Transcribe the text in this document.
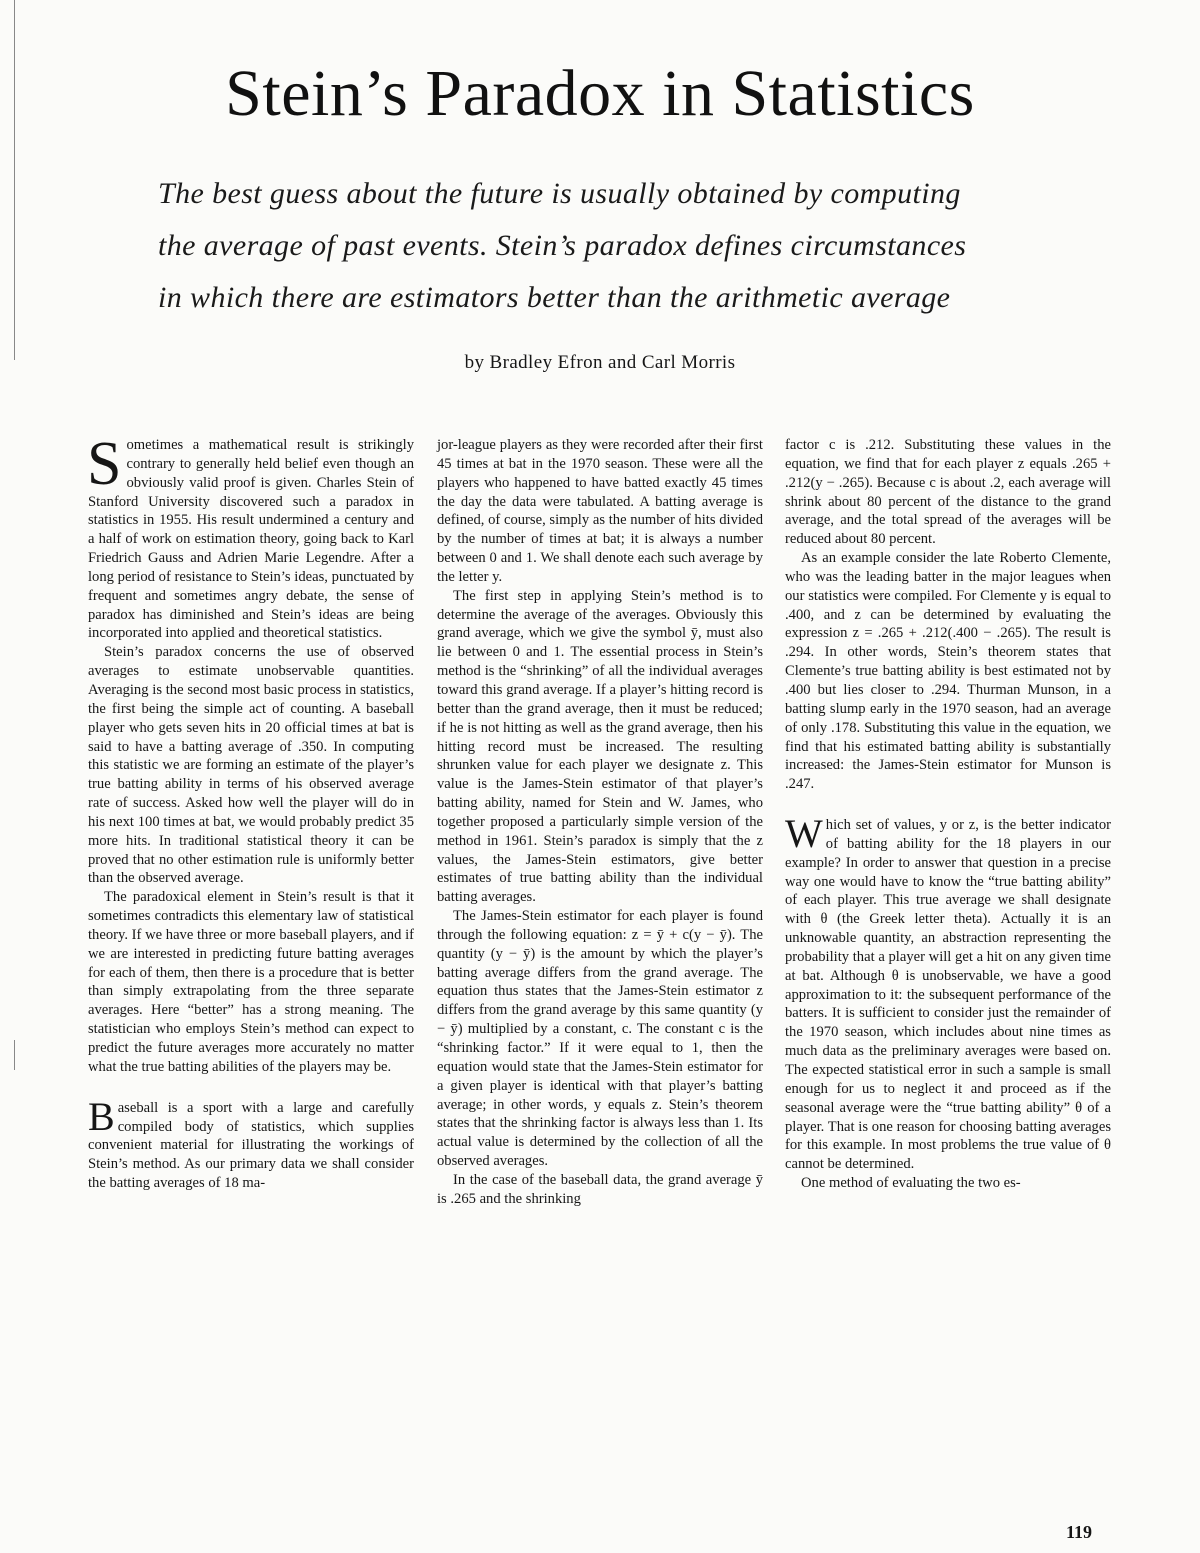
Stein’s Paradox in Statistics
The best guess about the future is usually obtained by computing
the average of past events. Stein’s paradox defines circumstances
in which there are estimators better than the arithmetic average
by Bradley Efron and Carl Morris

Sometimes a mathematical result is strikingly contrary to generally held belief even though an obviously valid proof is given. Charles Stein of Stanford University discovered such a paradox in statistics in 1955. His result undermined a century and a half of work on estimation theory, going back to Karl Friedrich Gauss and Adrien Marie Legendre. After a long period of resistance to Stein’s ideas, punctuated by frequent and sometimes angry debate, the sense of paradox has diminished and Stein’s ideas are being incorporated into applied and theoretical statistics.

Stein’s paradox concerns the use of observed averages to estimate unobservable quantities. Averaging is the second most basic process in statistics, the first being the simple act of counting. A baseball player who gets seven hits in 20 official times at bat is said to have a batting average of .350. In computing this statistic we are forming an estimate of the player’s true batting ability in terms of his observed average rate of success. Asked how well the player will do in his next 100 times at bat, we would probably predict 35 more hits. In traditional statistical theory it can be proved that no other estimation rule is uniformly better than the observed average.

The paradoxical element in Stein’s result is that it sometimes contradicts this elementary law of statistical theory. If we have three or more baseball players, and if we are interested in predicting future batting averages for each of them, then there is a procedure that is better than simply extrapolating from the three separate averages. Here “better” has a strong meaning. The statistician who employs Stein’s method can expect to predict the future averages more accurately no matter what the true batting abilities of the players may be.

Baseball is a sport with a large and carefully compiled body of statistics, which supplies convenient material for illustrating the workings of Stein’s method. As our primary data we shall consider the batting averages of 18 ma-

jor-league players as they were recorded after their first 45 times at bat in the 1970 season. These were all the players who happened to have batted exactly 45 times the day the data were tabulated. A batting average is defined, of course, simply as the number of hits divided by the number of times at bat; it is always a number between 0 and 1. We shall denote each such average by the letter y.

The first step in applying Stein’s method is to determine the average of the averages. Obviously this grand average, which we give the symbol ȳ, must also lie between 0 and 1. The essential process in Stein’s method is the “shrinking” of all the individual averages toward this grand average. If a player’s hitting record is better than the grand average, then it must be reduced; if he is not hitting as well as the grand average, then his hitting record must be increased. The resulting shrunken value for each player we designate z. This value is the James-Stein estimator of that player’s batting ability, named for Stein and W. James, who together proposed a particularly simple version of the method in 1961. Stein’s paradox is simply that the z values, the James-Stein estimators, give better estimates of true batting ability than the individual batting averages.

The James-Stein estimator for each player is found through the following equation: z = ȳ + c(y − ȳ). The quantity (y − ȳ) is the amount by which the player’s batting average differs from the grand average. The equation thus states that the James-Stein estimator z differs from the grand average by this same quantity (y − ȳ) multiplied by a constant, c. The constant c is the “shrinking factor.” If it were equal to 1, then the equation would state that the James-Stein estimator for a given player is identical with that player’s batting average; in other words, y equals z. Stein’s theorem states that the shrinking factor is always less than 1. Its actual value is determined by the collection of all the observed averages.

In the case of the baseball data, the grand average ȳ is .265 and the shrinking

factor c is .212. Substituting these values in the equation, we find that for each player z equals .265 + .212(y − .265). Because c is about .2, each average will shrink about 80 percent of the distance to the grand average, and the total spread of the averages will be reduced about 80 percent.

As an example consider the late Roberto Clemente, who was the leading batter in the major leagues when our statistics were compiled. For Clemente y is equal to .400, and z can be determined by evaluating the expression z = .265 + .212(.400 − .265). The result is .294. In other words, Stein’s theorem states that Clemente’s true batting ability is best estimated not by .400 but lies closer to .294. Thurman Munson, in a batting slump early in the 1970 season, had an average of only .178. Substituting this value in the equation, we find that his estimated batting ability is substantially increased: the James-Stein estimator for Munson is .247.

Which set of values, y or z, is the better indicator of batting ability for the 18 players in our example? In order to answer that question in a precise way one would have to know the “true batting ability” of each player. This true average we shall designate with θ (the Greek letter theta). Actually it is an unknowable quantity, an abstraction representing the probability that a player will get a hit on any given time at bat. Although θ is unobservable, we have a good approximation to it: the subsequent performance of the batters. It is sufficient to consider just the remainder of the 1970 season, which includes about nine times as much data as the preliminary averages were based on. The expected statistical error in such a sample is small enough for us to neglect it and proceed as if the seasonal average were the “true batting ability” θ of a player. That is one reason for choosing batting averages for this example. In most problems the true value of θ cannot be determined.

One method of evaluating the two es-

119
